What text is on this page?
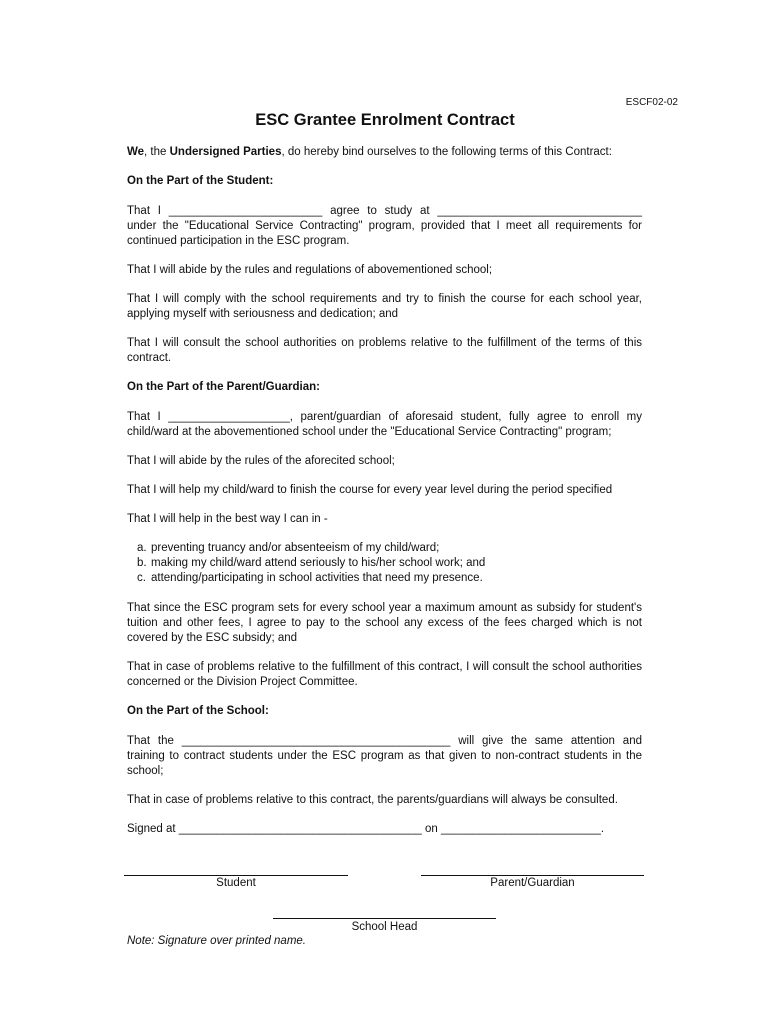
ESCF02-02
ESC Grantee Enrolment Contract

We, the Undersigned Parties, do hereby bind ourselves to the following terms of this Contract:

On the Part of the Student:

That I ________________________ agree to study at ________________________________ under the "Educational Service Contracting" program, provided that I meet all requirements for continued participation in the ESC program.

That I will abide by the rules and regulations of abovementioned school;

That I will comply with the school requirements and try to finish the course for each school year, applying myself with seriousness and dedication; and

That I will consult the school authorities on problems relative to the fulfillment of the terms of this contract.

On the Part of the Parent/Guardian:

That I ___________________, parent/guardian of aforesaid student, fully agree to enroll my child/ward at the abovementioned school under the "Educational Service Contracting" program;

That I will abide by the rules of the aforecited school;

That I will help my child/ward to finish the course for every year level during the period specified

That I will help in the best way I can in -

a. preventing truancy and/or absenteeism of my child/ward;
b. making my child/ward attend seriously to his/her school work; and
c. attending/participating in school activities that need my presence.

That since the ESC program sets for every school year a maximum amount as subsidy for student's tuition and other fees, I agree to pay to the school any excess of the fees charged which is not covered by the ESC subsidy; and

That in case of problems relative to the fulfillment of this contract, I will consult the school authorities concerned or the Division Project Committee.

On the Part of the School:

That the __________________________________________ will give the same attention and training to contract students under the ESC program as that given to non-contract students in the school;

That in case of problems relative to this contract, the parents/guardians will always be consulted.

Signed at ______________________________________ on _________________________.

Student	Parent/Guardian
School Head
Note: Signature over printed name.
